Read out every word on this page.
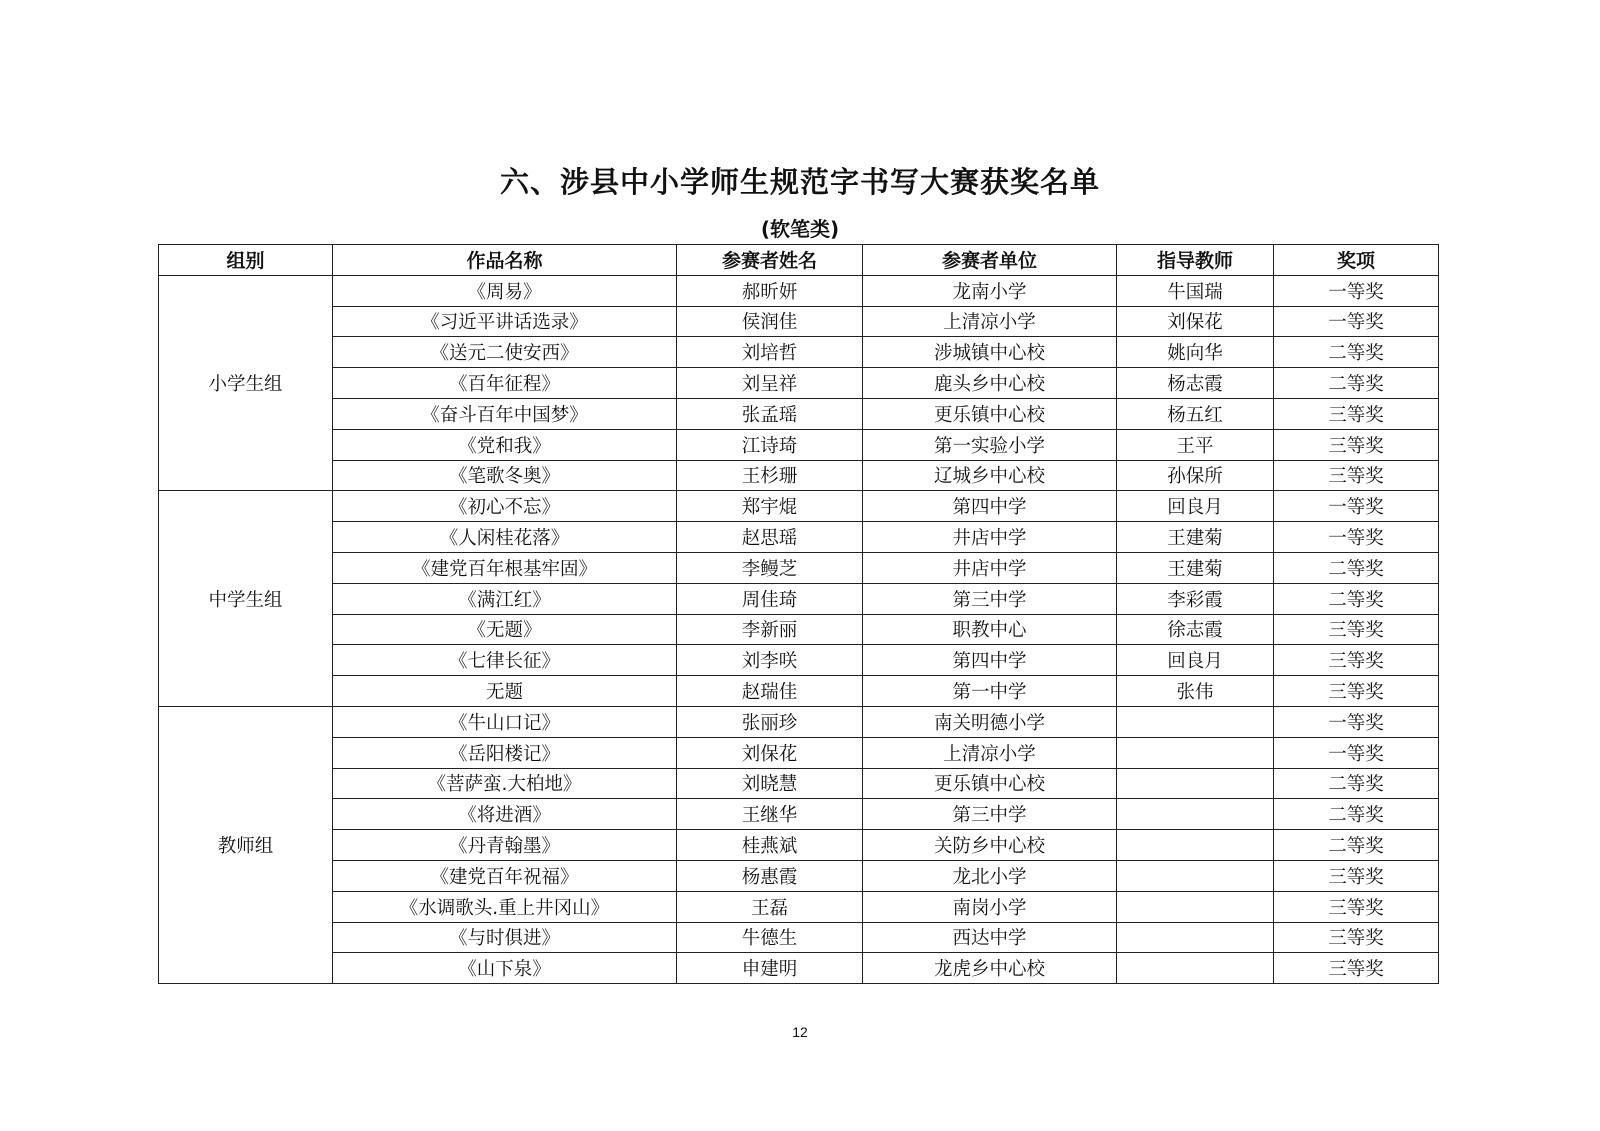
六、涉县中小学师生规范字书写大赛获奖名单
(软笔类)
组别	作品名称	参赛者姓名	参赛者单位	指导教师	奖项
小学生组	《周易》	郝昕妍	龙南小学	牛国瑞	一等奖
	《习近平讲话选录》	侯润佳	上清凉小学	刘保花	一等奖
	《送元二使安西》	刘培哲	涉城镇中心校	姚向华	二等奖
	《百年征程》	刘呈祥	鹿头乡中心校	杨志霞	二等奖
	《奋斗百年中国梦》	张孟瑶	更乐镇中心校	杨五红	三等奖
	《党和我》	江诗琦	第一实验小学	王平	三等奖
	《笔歌冬奥》	王杉珊	辽城乡中心校	孙保所	三等奖
中学生组	《初心不忘》	郑宇焜	第四中学	回良月	一等奖
	《人闲桂花落》	赵思瑶	井店中学	王建菊	一等奖
	《建党百年根基牢固》	李鳗芝	井店中学	王建菊	二等奖
	《满江红》	周佳琦	第三中学	李彩霞	二等奖
	《无题》	李新丽	职教中心	徐志霞	三等奖
	《七律长征》	刘李咲	第四中学	回良月	三等奖
	无题	赵瑞佳	第一中学	张伟	三等奖
教师组	《牛山口记》	张丽珍	南关明德小学		一等奖
	《岳阳楼记》	刘保花	上清凉小学		一等奖
	《菩萨蛮.大柏地》	刘晓慧	更乐镇中心校		二等奖
	《将进酒》	王继华	第三中学		二等奖
	《丹青翰墨》	桂燕斌	关防乡中心校		二等奖
	《建党百年祝福》	杨惠霞	龙北小学		三等奖
	《水调歌头.重上井冈山》	王磊	南岗小学		三等奖
	《与时俱进》	牛德生	西达中学		三等奖
	《山下泉》	申建明	龙虎乡中心校		三等奖
12
